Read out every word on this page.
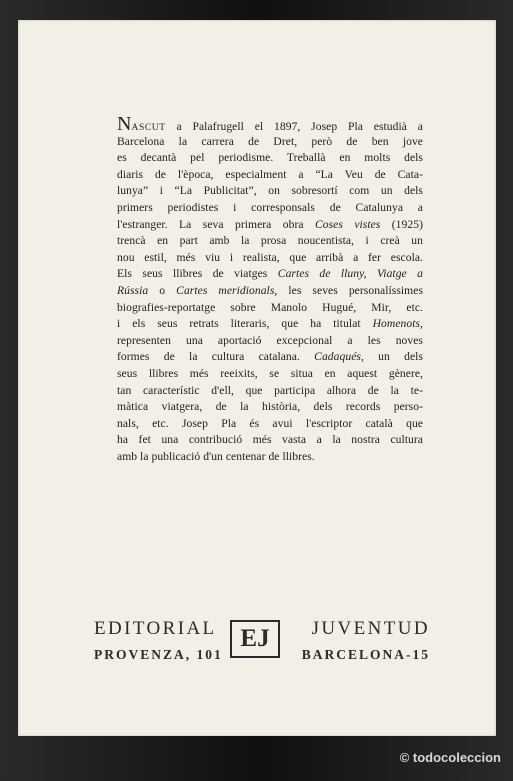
NASCUT a Palafrugell el 1897, Josep Pla estudià a
Barcelona la carrera de Dret, però de ben jove
es decantà pel periodisme. Treballà en molts dels
diaris de l'època, especialment a “La Veu de Cata-
lunya” i “La Publicitat”, on sobresortí com un dels
primers periodistes i corresponsals de Catalunya a
l'estranger. La seva primera obra Coses vistes (1925)
trencà en part amb la prosa noucentista, i creà un
nou estil, més viu i realista, que arribà a fer escola.
Els seus llibres de viatges Cartes de lluny, Viatge a
Rússia o Cartes meridionals, les seves personalíssimes
biografies-reportatge sobre Manolo Hugué, Mir, etc.
i els seus retrats literaris, que ha titulat Homenots,
representen una aportació excepcional a les noves
formes de la cultura catalana. Cadaqués, un dels
seus llibres més reeixits, se situa en aquest gènere,
tan característic d'ell, que participa alhora de la te-
màtica viatgera, de la història, dels records perso-
nals, etc. Josep Pla és avui l'escriptor català que
ha fet una contribució més vasta a la nostra cultura
amb la publicació d'un centenar de llibres.
EDITORIAL	JUVENTUD
EJ
PROVENZA, 101	BARCELONA-15
© todocoleccion
